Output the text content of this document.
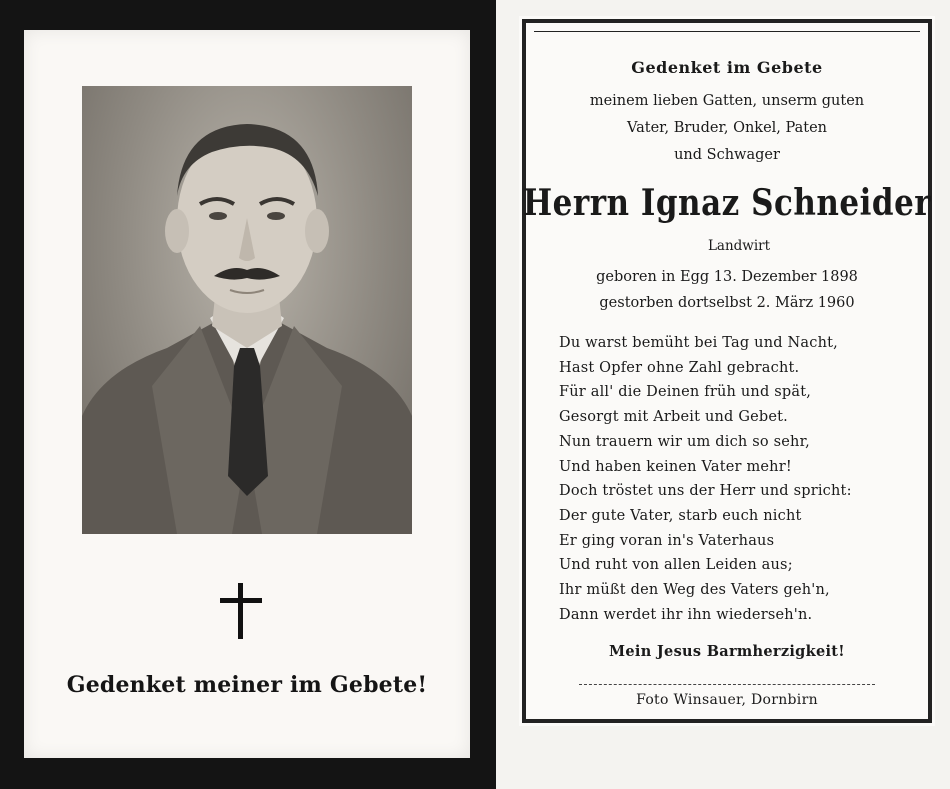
Gedenket meiner im Gebete!
Gedenket im Gebete
meinem lieben Gatten, unserm guten
Vater, Bruder, Onkel, Paten
und Schwager
Herrn Ignaz Schneider
Landwirt
geboren in Egg 13. Dezember 1898
gestorben dortselbst 2. März 1960
Du warst bemüht bei Tag und Nacht,
Hast Opfer ohne Zahl gebracht.
Für all' die Deinen früh und spät,
Gesorgt mit Arbeit und Gebet.
Nun trauern wir um dich so sehr,
Und haben keinen Vater mehr!
Doch tröstet uns der Herr und spricht:
Der gute Vater, starb euch nicht
Er ging voran in's Vaterhaus
Und ruht von allen Leiden aus;
Ihr müßt den Weg des Vaters geh'n,
Dann werdet ihr ihn wiederseh'n.
Mein Jesus Barmherzigkeit!
Foto Winsauer, Dornbirn
